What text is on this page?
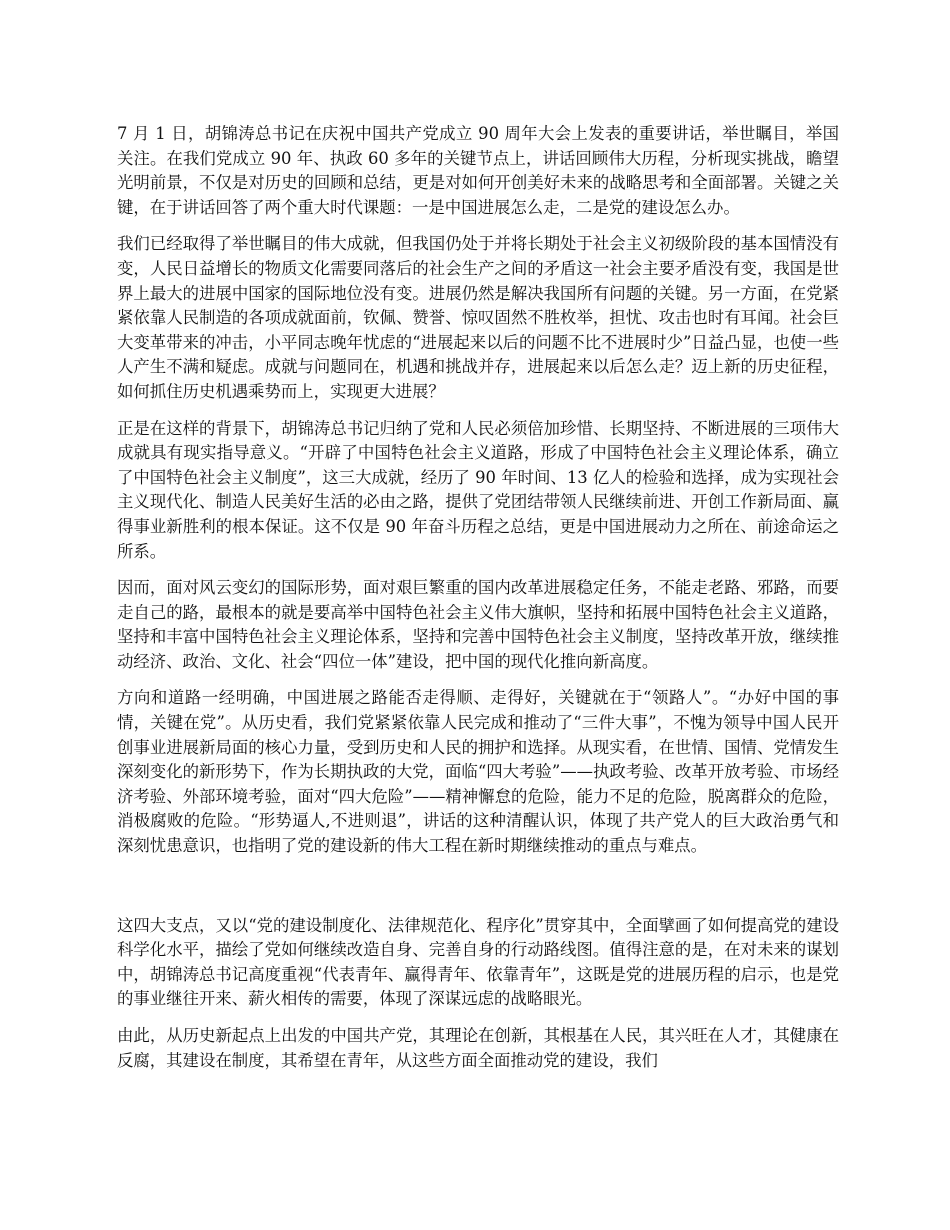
7 月 1 日，胡锦涛总书记在庆祝中国共产党成立 90 周年大会上发表的重要讲话，举世瞩目，举国关注。在我们党成立 90 年、执政 60 多年的关键节点上，讲话回顾伟大历程，分析现实挑战，瞻望光明前景，不仅是对历史的回顾和总结，更是对如何开创美好未来的战略思考和全面部署。关键之关键，在于讲话回答了两个重大时代课题：一是中国进展怎么走，二是党的建设怎么办。

我们已经取得了举世瞩目的伟大成就，但我国仍处于并将长期处于社会主义初级阶段的基本国情没有变，人民日益增长的物质文化需要同落后的社会生产之间的矛盾这一社会主要矛盾没有变，我国是世界上最大的进展中国家的国际地位没有变。进展仍然是解决我国所有问题的关键。另一方面，在党紧紧依靠人民制造的各项成就面前，钦佩、赞誉、惊叹固然不胜枚举，担忧、攻击也时有耳闻。社会巨大变革带来的冲击，小平同志晚年忧虑的“进展起来以后的问题不比不进展时少”日益凸显，也使一些人产生不满和疑虑。成就与问题同在，机遇和挑战并存，进展起来以后怎么走？迈上新的历史征程，如何抓住历史机遇乘势而上，实现更大进展？

正是在这样的背景下，胡锦涛总书记归纳了党和人民必须倍加珍惜、长期坚持、不断进展的三项伟大成就具有现实指导意义。“开辟了中国特色社会主义道路，形成了中国特色社会主义理论体系，确立了中国特色社会主义制度”，这三大成就，经历了 90 年时间、13 亿人的检验和选择，成为实现社会主义现代化、制造人民美好生活的必由之路，提供了党团结带领人民继续前进、开创工作新局面、赢得事业新胜利的根本保证。这不仅是 90 年奋斗历程之总结，更是中国进展动力之所在、前途命运之所系。

因而，面对风云变幻的国际形势，面对艰巨繁重的国内改革进展稳定任务，不能走老路、邪路，而要走自己的路，最根本的就是要高举中国特色社会主义伟大旗帜，坚持和拓展中国特色社会主义道路，坚持和丰富中国特色社会主义理论体系，坚持和完善中国特色社会主义制度，坚持改革开放，继续推动经济、政治、文化、社会“四位一体”建设，把中国的现代化推向新高度。

方向和道路一经明确，中国进展之路能否走得顺、走得好，关键就在于“领路人”。“办好中国的事情，关键在党”。从历史看，我们党紧紧依靠人民完成和推动了“三件大事”，不愧为领导中国人民开创事业进展新局面的核心力量，受到历史和人民的拥护和选择。从现实看，在世情、国情、党情发生深刻变化的新形势下，作为长期执政的大党，面临“四大考验”——执政考验、改革开放考验、市场经济考验、外部环境考验，面对“四大危险”——精神懈怠的危险，能力不足的危险，脱离群众的危险，消极腐败的危险。“形势逼人,不进则退”，讲话的这种清醒认识，体现了共产党人的巨大政治勇气和深刻忧患意识，也指明了党的建设新的伟大工程在新时期继续推动的重点与难点。

这四大支点，又以“党的建设制度化、法律规范化、程序化”贯穿其中，全面擘画了如何提高党的建设科学化水平，描绘了党如何继续改造自身、完善自身的行动路线图。值得注意的是，在对未来的谋划中，胡锦涛总书记高度重视“代表青年、赢得青年、依靠青年”，这既是党的进展历程的启示，也是党的事业继往开来、薪火相传的需要，体现了深谋远虑的战略眼光。

由此，从历史新起点上出发的中国共产党，其理论在创新，其根基在人民，其兴旺在人才，其健康在反腐，其建设在制度，其希望在青年，从这些方面全面推动党的建设，我们
